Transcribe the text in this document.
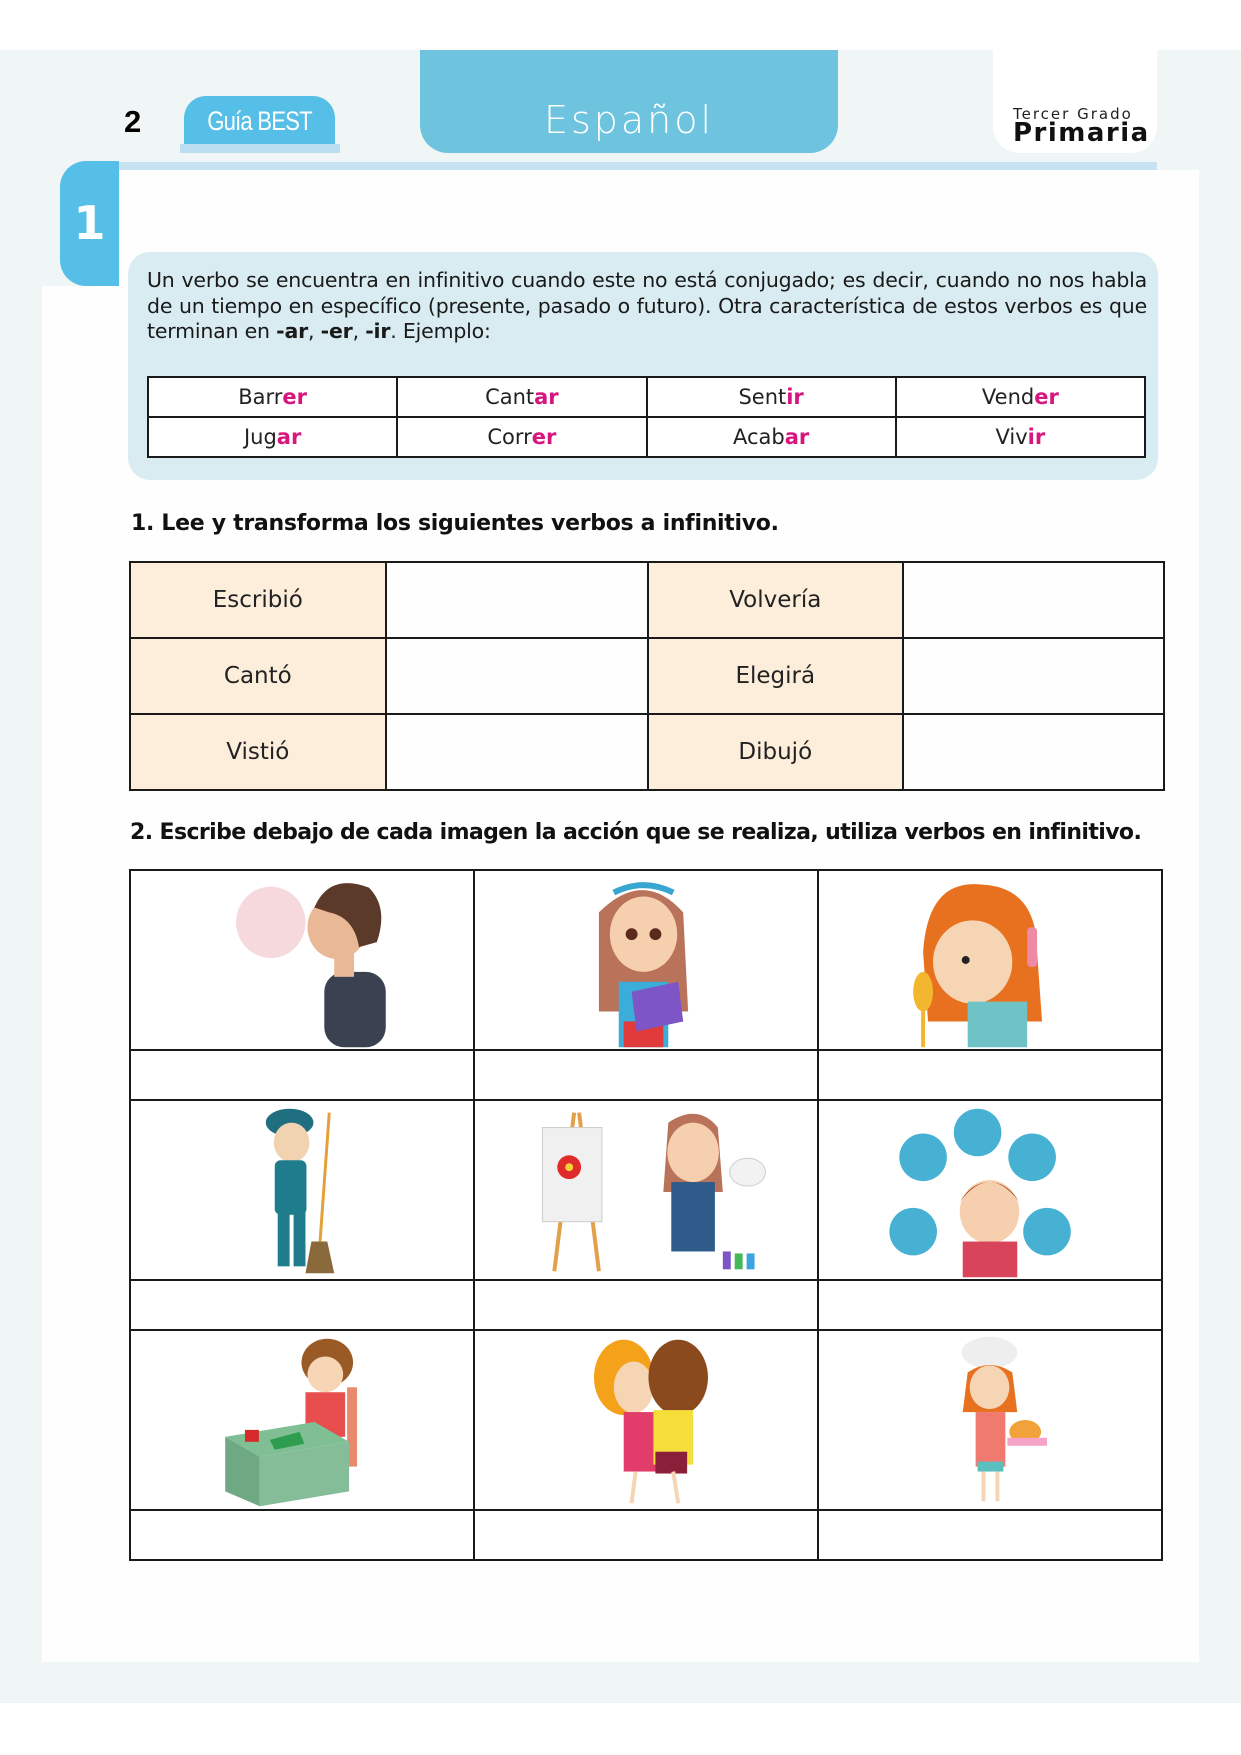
2	Guía BEST	Español	Tercer Grado
Primaria
1
Un verbo se encuentra en infinitivo cuando este no está conjugado; es decir, cuando no nos habla de un tiempo en específico (presente, pasado o futuro). Otra característica de estos verbos es que terminan en -ar, -er, -ir. Ejemplo:
Barrer	Cantar	Sentir	Vender
Jugar	Correr	Acabar	Vivir
1. Lee y transforma los siguientes verbos a infinitivo.
Escribió		Volvería	
Cantó		Elegirá	
Vistió		Dibujó	
2. Escribe debajo de cada imagen la acción que se realiza, utiliza verbos en infinitivo.
